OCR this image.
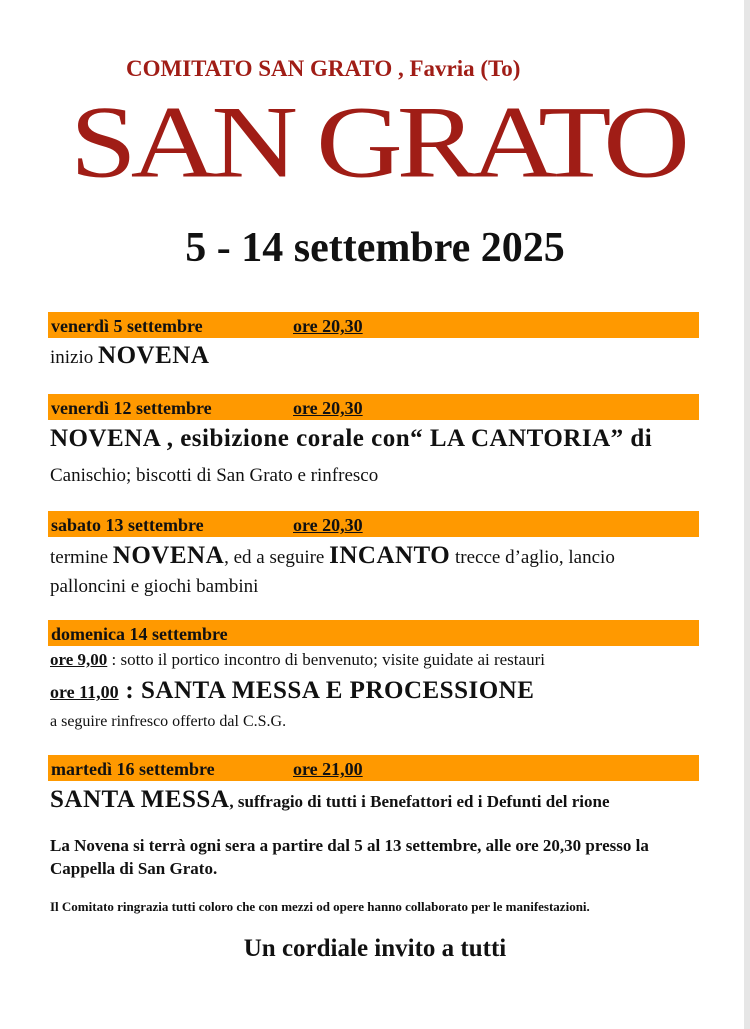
COMITATO SAN GRATO , Favria (To)
SAN GRATO
5 - 14 settembre 2025
venerdì 5 settembre	ore 20,30
inizio NOVENA
venerdì 12 settembre	ore 20,30
NOVENA , esibizione corale con“ LA CANTORIA” di
Canischio; biscotti di San Grato e rinfresco
sabato 13 settembre	ore 20,30
termine NOVENA, ed a seguire INCANTO trecce d’aglio, lancio
palloncini e giochi bambini
domenica 14 settembre
ore 9,00 : sotto il portico incontro di benvenuto; visite guidate ai restauri
ore 11,00 : SANTA MESSA E PROCESSIONE
a seguire rinfresco offerto dal C.S.G.
martedì 16 settembre	ore 21,00
SANTA MESSA, suffragio di tutti i Benefattori ed i Defunti del rione
La Novena si terrà ogni sera a partire dal 5 al 13 settembre, alle ore 20,30 presso la Cappella di San Grato.
Il Comitato ringrazia tutti coloro che con mezzi od opere hanno collaborato per le manifestazioni.
Un cordiale invito a tutti
